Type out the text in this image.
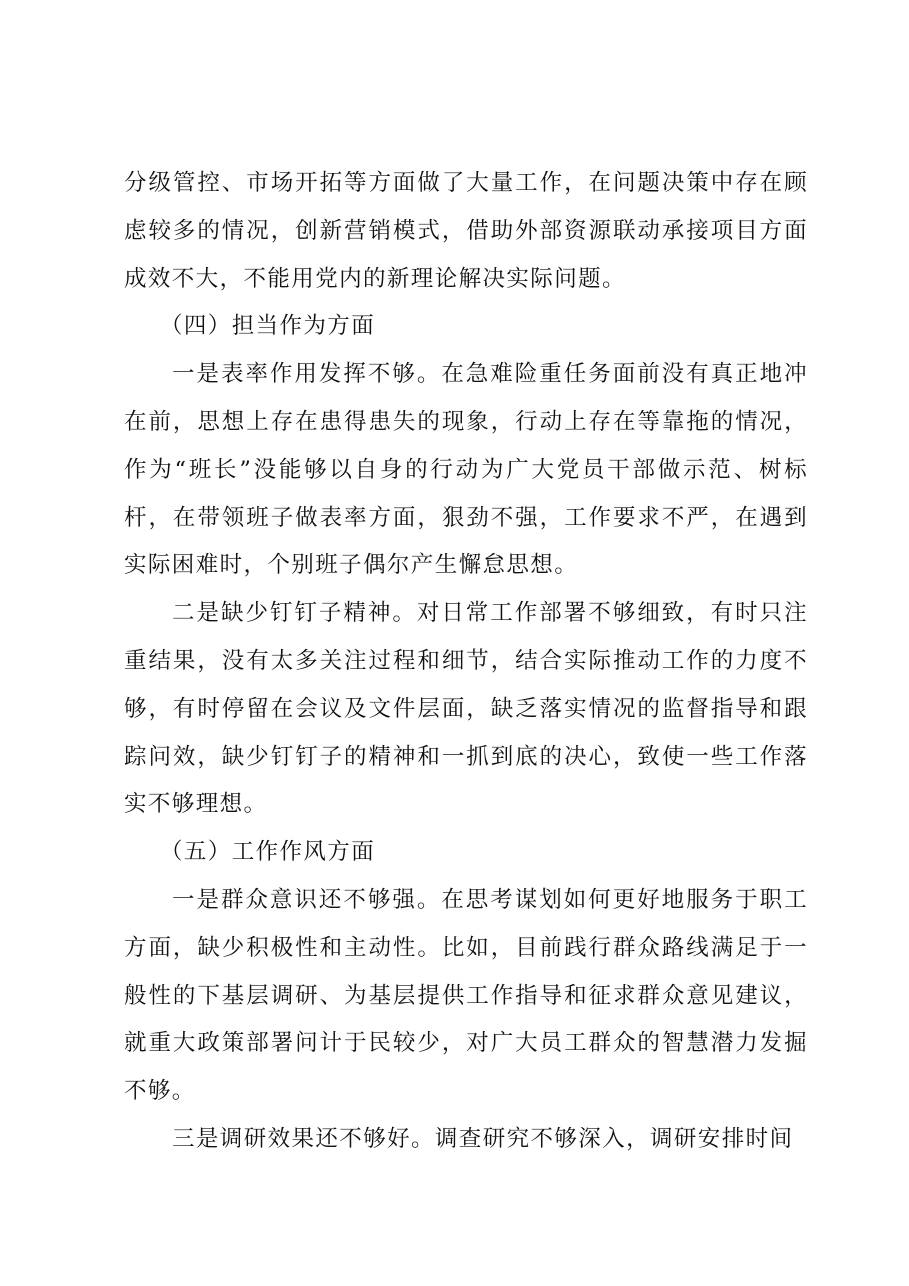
分级管控、市场开拓等方面做了大量工作，在问题决策中存在顾虑较多的情况，创新营销模式，借助外部资源联动承接项目方面成效不大，不能用党内的新理论解决实际问题。

（四）担当作为方面

一是表率作用发挥不够。在急难险重任务面前没有真正地冲在前，思想上存在患得患失的现象，行动上存在等靠拖的情况，作为“班长”没能够以自身的行动为广大党员干部做示范、树标杆，在带领班子做表率方面，狠劲不强，工作要求不严，在遇到实际困难时，个别班子偶尔产生懈怠思想。

二是缺少钉钉子精神。对日常工作部署不够细致，有时只注重结果，没有太多关注过程和细节，结合实际推动工作的力度不够，有时停留在会议及文件层面，缺乏落实情况的监督指导和跟踪问效，缺少钉钉子的精神和一抓到底的决心，致使一些工作落实不够理想。

（五）工作作风方面

一是群众意识还不够强。在思考谋划如何更好地服务于职工方面，缺少积极性和主动性。比如，目前践行群众路线满足于一般性的下基层调研、为基层提供工作指导和征求群众意见建议，就重大政策部署问计于民较少，对广大员工群众的智慧潜力发掘不够。

三是调研效果还不够好。调查研究不够深入，调研安排时间
